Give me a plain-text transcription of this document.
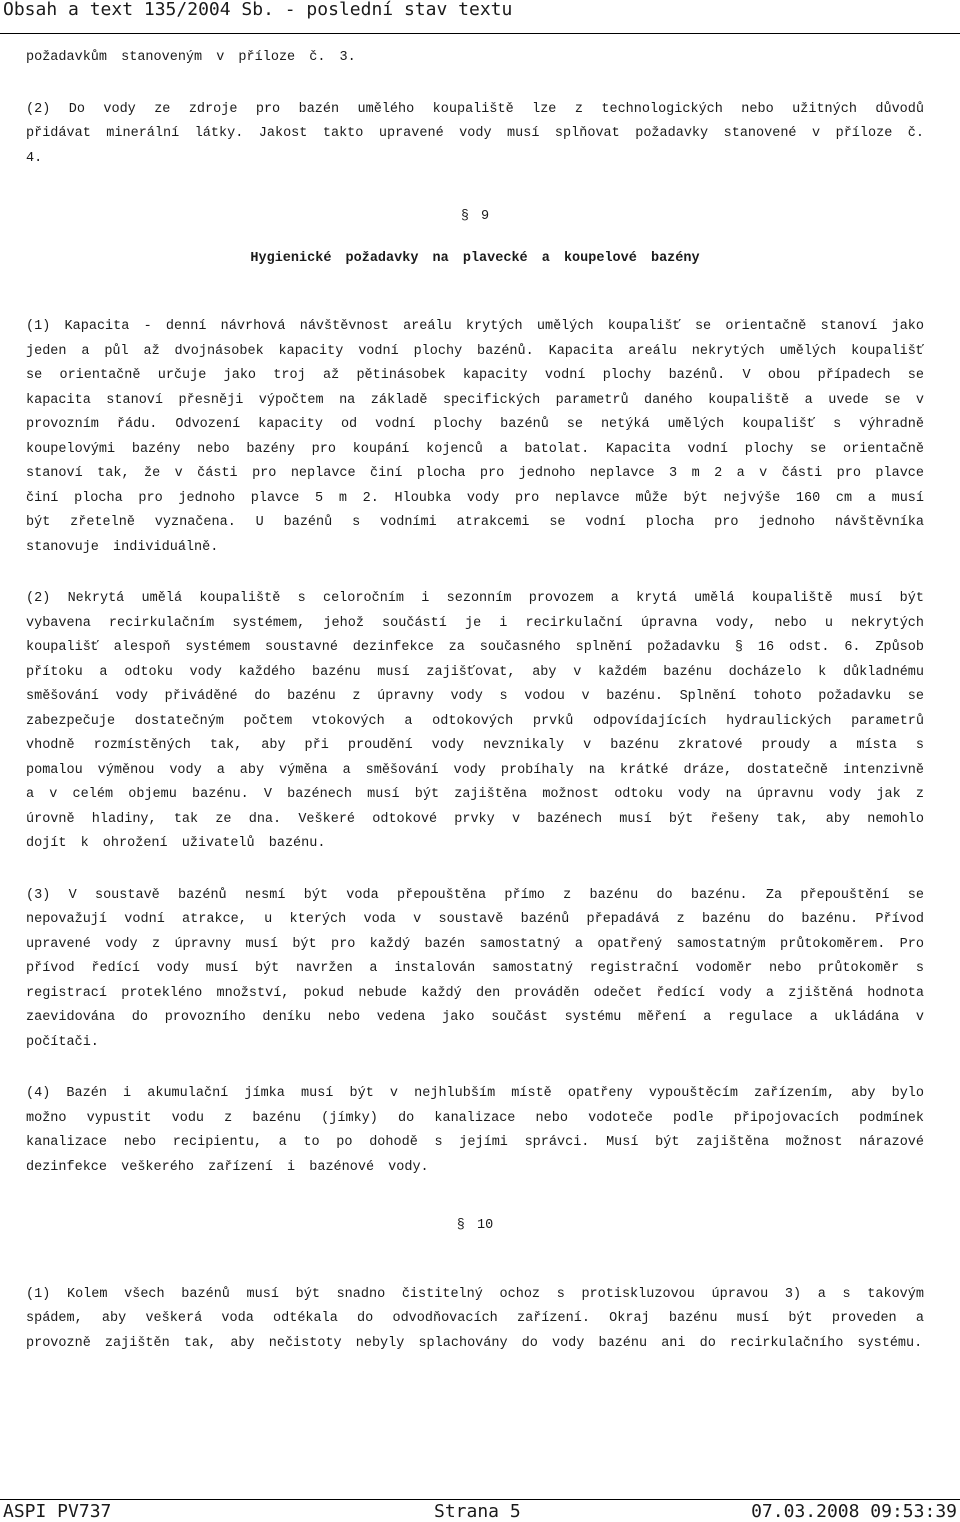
Obsah a text 135/2004 Sb. - poslední stav textu

požadavkům stanoveným v příloze č. 3.

(2) Do vody ze zdroje pro bazén umělého koupaliště lze z technologických nebo užitných důvodů přidávat minerální látky. Jakost takto upravené vody musí splňovat požadavky stanovené v příloze č. 4.

§ 9

Hygienické požadavky na plavecké a koupelové bazény

(1) Kapacita - denní návrhová návštěvnost areálu krytých umělých koupališť se orientačně stanoví jako jeden a půl až dvojnásobek kapacity vodní plochy bazénů. Kapacita areálu nekrytých umělých koupališť se orientačně určuje jako troj až pětinásobek kapacity vodní plochy bazénů. V obou případech se kapacita stanoví přesněji výpočtem na základě specifických parametrů daného koupaliště a uvede se v provozním řádu. Odvození kapacity od vodní plochy bazénů se netýká umělých koupališť s výhradně koupelovými bazény nebo bazény pro koupání kojenců a batolat. Kapacita vodní plochy se orientačně stanoví tak, že v části pro neplavce činí plocha pro jednoho neplavce 3 m 2 a v části pro plavce činí plocha pro jednoho plavce 5 m 2. Hloubka vody pro neplavce může být nejvýše 160 cm a musí být zřetelně vyznačena. U bazénů s vodními atrakcemi se vodní plocha pro jednoho návštěvníka stanovuje individuálně.

(2) Nekrytá umělá koupaliště s celoročním i sezonním provozem a krytá umělá koupaliště musí být vybavena recirkulačním systémem, jehož součástí je i recirkulační úpravna vody, nebo u nekrytých koupališť alespoň systémem soustavné dezinfekce za současného splnění požadavku § 16 odst. 6. Způsob přítoku a odtoku vody každého bazénu musí zajišťovat, aby v každém bazénu docházelo k důkladnému směšování vody přiváděné do bazénu z úpravny vody s vodou v bazénu. Splnění tohoto požadavku se zabezpečuje dostatečným počtem vtokových a odtokových prvků odpovídajících hydraulických parametrů vhodně rozmístěných tak, aby při proudění vody nevznikaly v bazénu zkratové proudy a místa s pomalou výměnou vody a aby výměna a směšování vody probíhaly na krátké dráze, dostatečně intenzivně a v celém objemu bazénu. V bazénech musí být zajištěna možnost odtoku vody na úpravnu vody jak z úrovně hladiny, tak ze dna. Veškeré odtokové prvky v bazénech musí být řešeny tak, aby nemohlo dojít k ohrožení uživatelů bazénu.

(3) V soustavě bazénů nesmí být voda přepouštěna přímo z bazénu do bazénu. Za přepouštění se nepovažují vodní atrakce, u kterých voda v soustavě bazénů přepadává z bazénu do bazénu. Přívod upravené vody z úpravny musí být pro každý bazén samostatný a opatřený samostatným průtokoměrem. Pro přívod ředící vody musí být navržen a instalován samostatný registrační vodoměr nebo průtokoměr s registrací protekléno množství, pokud nebude každý den prováděn odečet ředící vody a zjištěná hodnota zaevidována do provozního deníku nebo vedena jako součást systému měření a regulace a ukládána v počítači.

(4) Bazén i akumulační jímka musí být v nejhlubším místě opatřeny vypouštěcím zařízením, aby bylo možno vypustit vodu z bazénu (jímky) do kanalizace nebo vodoteče podle připojovacích podmínek kanalizace nebo recipientu, a to po dohodě s jejími správci. Musí být zajištěna možnost nárazové dezinfekce veškerého zařízení i bazénové vody.

§ 10

(1) Kolem všech bazénů musí být snadno čistitelný ochoz s protiskluzovou úpravou 3) a s takovým spádem, aby veškerá voda odtékala do odvodňovacích zařízení. Okraj bazénu musí být proveden a provozně zajištěn tak, aby nečistoty nebyly splachovány do vody bazénu ani do recirkulačního systému.

ASPI PV737	Strana 5	07.03.2008 09:53:39
